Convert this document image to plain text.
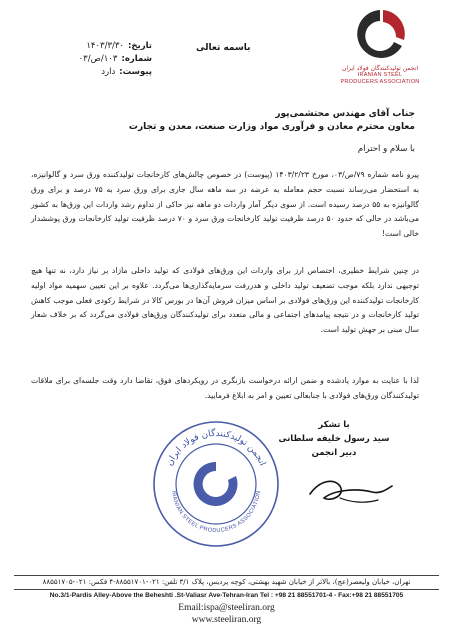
انجمن تولیدکنندگان فولاد ایران
IRANIAN STEEL
PRODUCERS ASSOCIATION
باسمه تعالی
تاریخ:
۱۴۰۳/۳/۳۰
شماره:
۱۰۳/ص/۰۳
پیوست:
دارد
جناب آقای مهندس محتشمی‌پور
معاون محترم معادن و فرآوری مواد وزارت صنعت، معدن و تجارت
با سلام و احترام
پیرو نامه شماره ۷۹/ص/۰۳، مورخ ۱۴۰۳/۲/۲۳ (پیوست) در خصوص چالش‌های کارخانجات تولیدکننده ورق سرد و گالوانیزه، به استحضار می‌رساند نسبت حجم معامله به عرضه در سه ماهه سال جاری برای ورق سرد به ۷۵ درصد و برای ورق گالوانیزه به ۵۵ درصد رسیده است. از سوی دیگر آمار واردات دو ماهه نیز حاکی از تداوم رشد واردات این ورق‌ها به کشور می‌باشد در حالی که حدود ۵۰ درصد ظرفیت تولید کارخانجات ورق سرد و ۷۰ درصد ظرفیت تولید کارخانجات ورق پوششدار خالی است!
در چنین شرایط خطیری، اختصاص ارز برای واردات این ورق‌های فولادی که تولید داخلی مازاد بر نیاز دارد، نه تنها هیچ توجیهی ندارد بلکه موجب تضعیف تولید داخلی و هدررفت سرمایه‌گذاری‌ها می‌گردد. علاوه بر این تعیین سهمیه مواد اولیه کارخانجات تولیدکننده این ورق‌های فولادی بر اساس میزان فروش آن‌ها در بورس کالا در شرایط رکودی فعلی موجب کاهش تولید کارخانجات و در نتیجه پیامدهای اجتماعی و مالی متعدد برای تولیدکنندگان ورق‌های فولادی می‌گردد که بر خلاف شعار سال مبنی بر جهش تولید است.
لذا با عنایت به موارد یادشده و ضمن ارائه درخواست بازنگری در رویکردهای فوق، تقاضا دارد وقت جلسه‌ای برای ملاقات تولیدکنندگان ورق‌های فولادی با جنابعالی تعیین و امر به ابلاغ فرمایید.
انجمن تولیدکنندگان فولاد ایران
IRANIAN STEEL PRODUCERS ASSOCIATION
با تشکر
سید رسول خلیفه سلطانی
دبیر انجمن
تهران، خیابان ولیعصر(عج)، بالاتر از خیابان شهید بهشتی، کوچه پردیس، پلاک ۳/۱ تلفن: ۰۲۱-۸۸۵۵۱۷۰۱-۴ فکس: ۰۲۱-۸۸۵۵۱۷۰۵
No.3/1-Pardis Alley-Above the Beheshti .St-Valiasr Ave-Tehran-Iran Tel : +98 21 88551701-4 - Fax:+98 21 88551705
Email:ispa@steeliran.org
www.steeliran.org
